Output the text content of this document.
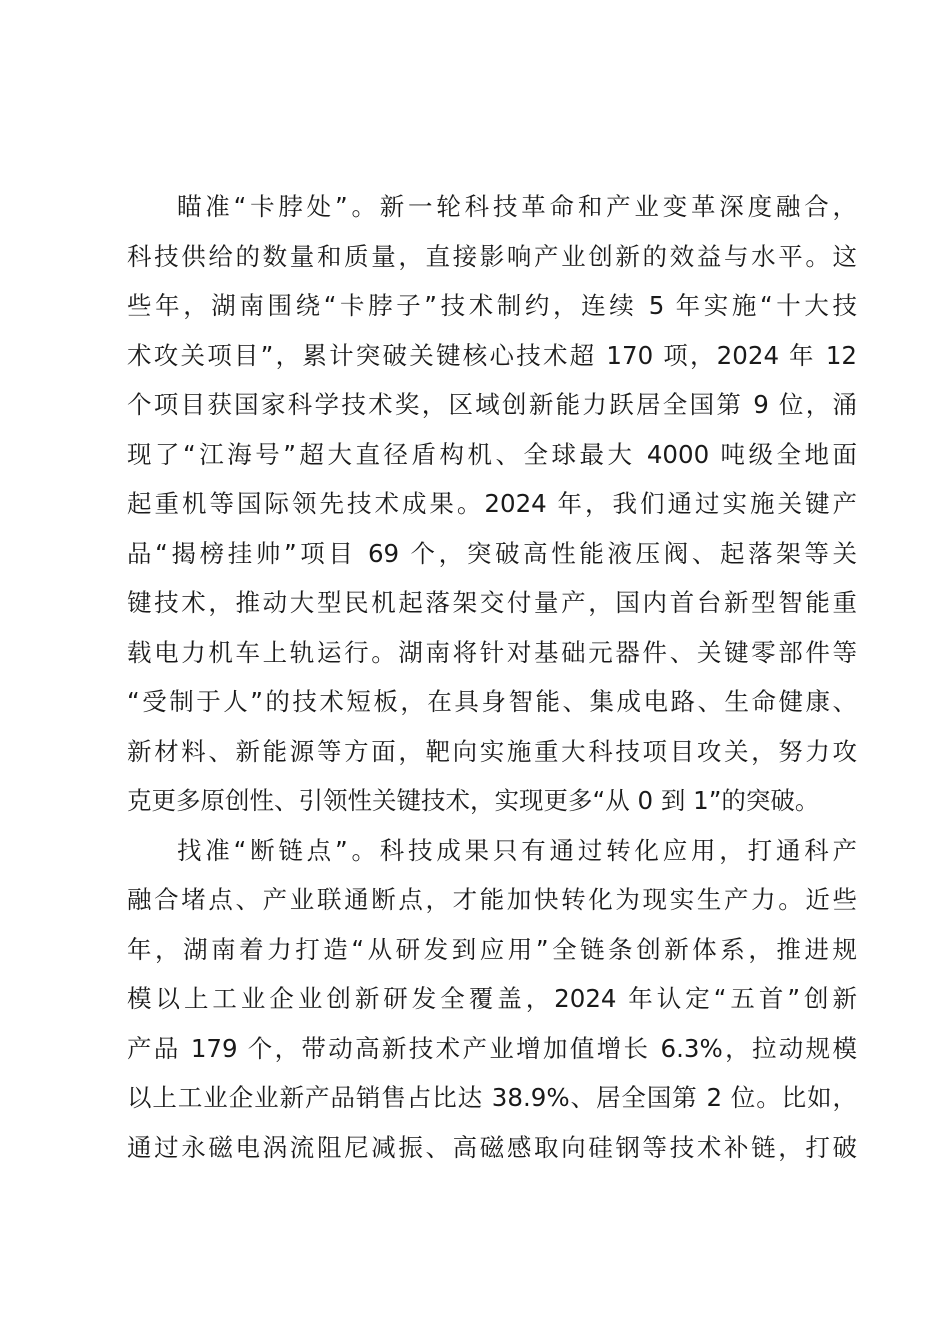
瞄准“卡脖处”。新一轮科技革命和产业变革深度融合，
科技供给的数量和质量，直接影响产业创新的效益与水平。这
些年，湖南围绕“卡脖子”技术制约，连续 5 年实施“十大技
术攻关项目”，累计突破关键核心技术超 170 项，2024 年 12
个项目获国家科学技术奖，区域创新能力跃居全国第 9 位，涌
现了“江海号”超大直径盾构机、全球最大 4000 吨级全地面
起重机等国际领先技术成果。2024 年，我们通过实施关键产
品“揭榜挂帅”项目 69 个，突破高性能液压阀、起落架等关
键技术，推动大型民机起落架交付量产，国内首台新型智能重
载电力机车上轨运行。湖南将针对基础元器件、关键零部件等
“受制于人”的技术短板，在具身智能、集成电路、生命健康、
新材料、新能源等方面，靶向实施重大科技项目攻关，努力攻
克更多原创性、引领性关键技术，实现更多“从 0 到 1”的突破。
找准“断链点”。科技成果只有通过转化应用，打通科产
融合堵点、产业联通断点，才能加快转化为现实生产力。近些
年，湖南着力打造“从研发到应用”全链条创新体系，推进规
模以上工业企业创新研发全覆盖，2024 年认定“五首”创新
产品 179 个，带动高新技术产业增加值增长 6.3%，拉动规模
以上工业企业新产品销售占比达 38.9%、居全国第 2 位。比如，
通过永磁电涡流阻尼减振、高磁感取向硅钢等技术补链，打破
